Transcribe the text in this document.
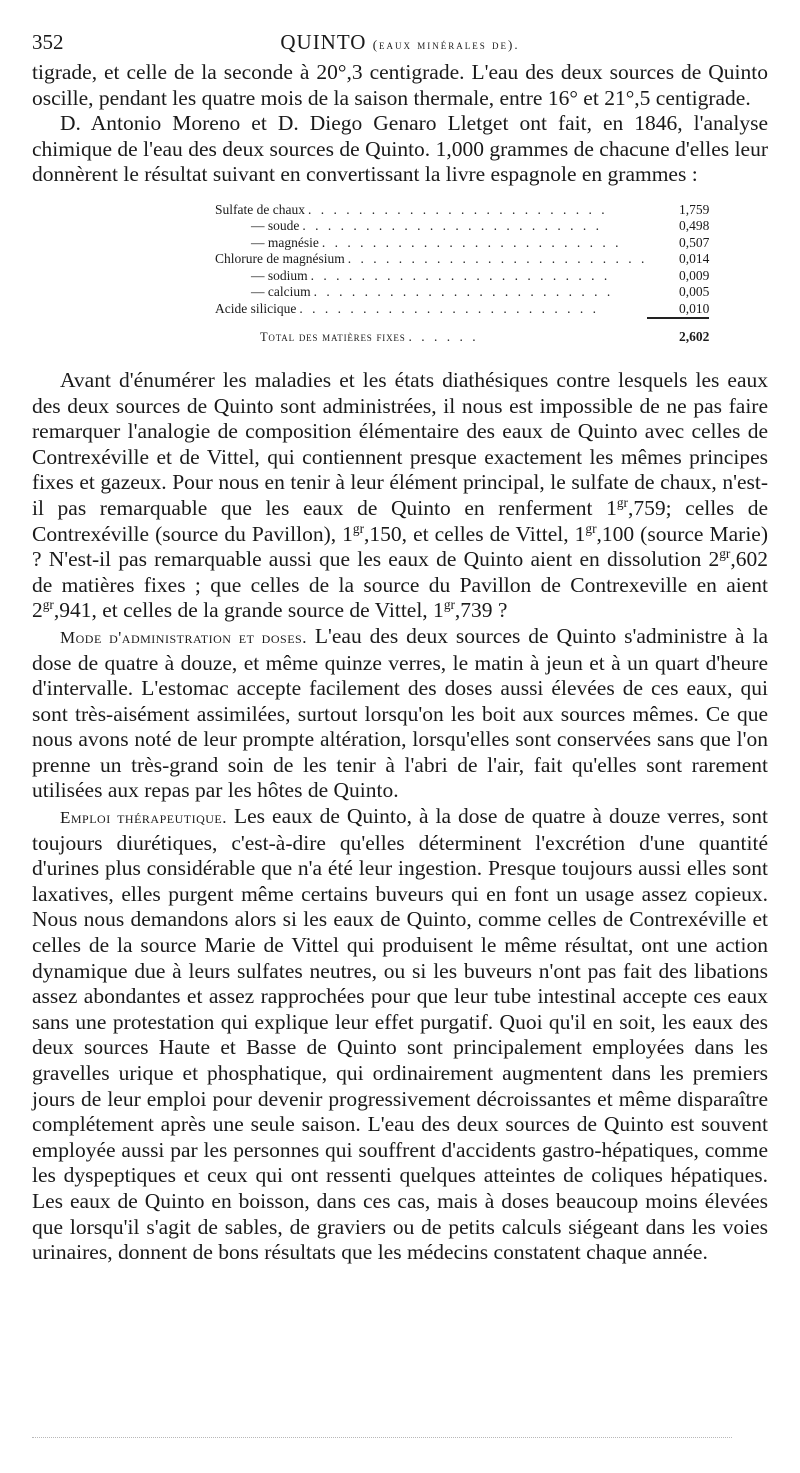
352	QUINTO (eaux minérales de).

tigrade, et celle de la seconde à 20°,3 centigrade. L'eau des deux sources de Quinto oscille, pendant les quatre mois de la saison thermale, entre 16° et 21°,5 centigrade.

D. Antonio Moreno et D. Diego Genaro Lletget ont fait, en 1846, l'analyse chimique de l'eau des deux sources de Quinto. 1,000 grammes de chacune d'elles leur donnèrent le résultat suivant en convertissant la livre espagnole en grammes :

Sulfate de chaux . . . . . . . . . . . . . . . . . . . . . . . .	1,759
— soude . . . . . . . . . . . . . . . . . . . . . . . .	0,498
— magnésie . . . . . . . . . . . . . . . . . . . . . . . .	0,507
Chlorure de magnésium . . . . . . . . . . . . . . . . . . . . . . . .	0,014
— sodium . . . . . . . . . . . . . . . . . . . . . . . .	0,009
— calcium . . . . . . . . . . . . . . . . . . . . . . . .	0,005
Acide silicique . . . . . . . . . . . . . . . . . . . . . . . .	0,010
Total des matières fixes . . . . . .	2,602

Avant d'énumérer les maladies et les états diathésiques contre lesquels les eaux des deux sources de Quinto sont administrées, il nous est impossible de ne pas faire remarquer l'analogie de composition élémentaire des eaux de Quinto avec celles de Contrexéville et de Vittel, qui contiennent presque exactement les mêmes principes fixes et gazeux. Pour nous en tenir à leur élément principal, le sulfate de chaux, n'est-il pas remarquable que les eaux de Quinto en renferment $1^{gr},759$; celles de Contrexéville (source du Pavillon), $1^{gr},150$, et celles de Vittel, $1^{gr},100$ (source Marie) ? N'est-il pas remarquable aussi que les eaux de Quinto aient en dissolution $2^{gr},602$ de matières fixes ; que celles de la source du Pavillon de Contrexeville en aient $2^{gr},941$, et celles de la grande source de Vittel, $1^{gr},739$ ?

Mode d'administration et doses. L'eau des deux sources de Quinto s'administre à la dose de quatre à douze, et même quinze verres, le matin à jeun et à un quart d'heure d'intervalle. L'estomac accepte facilement des doses aussi élevées de ces eaux, qui sont très-aisément assimilées, surtout lorsqu'on les boit aux sources mêmes. Ce que nous avons noté de leur prompte altération, lorsqu'elles sont conservées sans que l'on prenne un très-grand soin de les tenir à l'abri de l'air, fait qu'elles sont rarement utilisées aux repas par les hôtes de Quinto.

Emploi thérapeutique. Les eaux de Quinto, à la dose de quatre à douze verres, sont toujours diurétiques, c'est-à-dire qu'elles déterminent l'excrétion d'une quantité d'urines plus considérable que n'a été leur ingestion. Presque toujours aussi elles sont laxatives, elles purgent même certains buveurs qui en font un usage assez copieux. Nous nous demandons alors si les eaux de Quinto, comme celles de Contrexéville et celles de la source Marie de Vittel qui produisent le même résultat, ont une action dynamique due à leurs sulfates neutres, ou si les buveurs n'ont pas fait des libations assez abondantes et assez rapprochées pour que leur tube intestinal accepte ces eaux sans une protestation qui explique leur effet purgatif. Quoi qu'il en soit, les eaux des deux sources Haute et Basse de Quinto sont principalement employées dans les gravelles urique et phosphatique, qui ordinairement augmentent dans les premiers jours de leur emploi pour devenir progressivement décroissantes et même disparaître complétement après une seule saison. L'eau des deux sources de Quinto est souvent employée aussi par les personnes qui souffrent d'accidents gastro-hépatiques, comme les dyspeptiques et ceux qui ont ressenti quelques atteintes de coliques hépatiques. Les eaux de Quinto en boisson, dans ces cas, mais à doses beaucoup moins élevées que lorsqu'il s'agit de sables, de graviers ou de petits calculs siégeant dans les voies urinaires, donnent de bons résultats que les médecins constatent chaque année.
